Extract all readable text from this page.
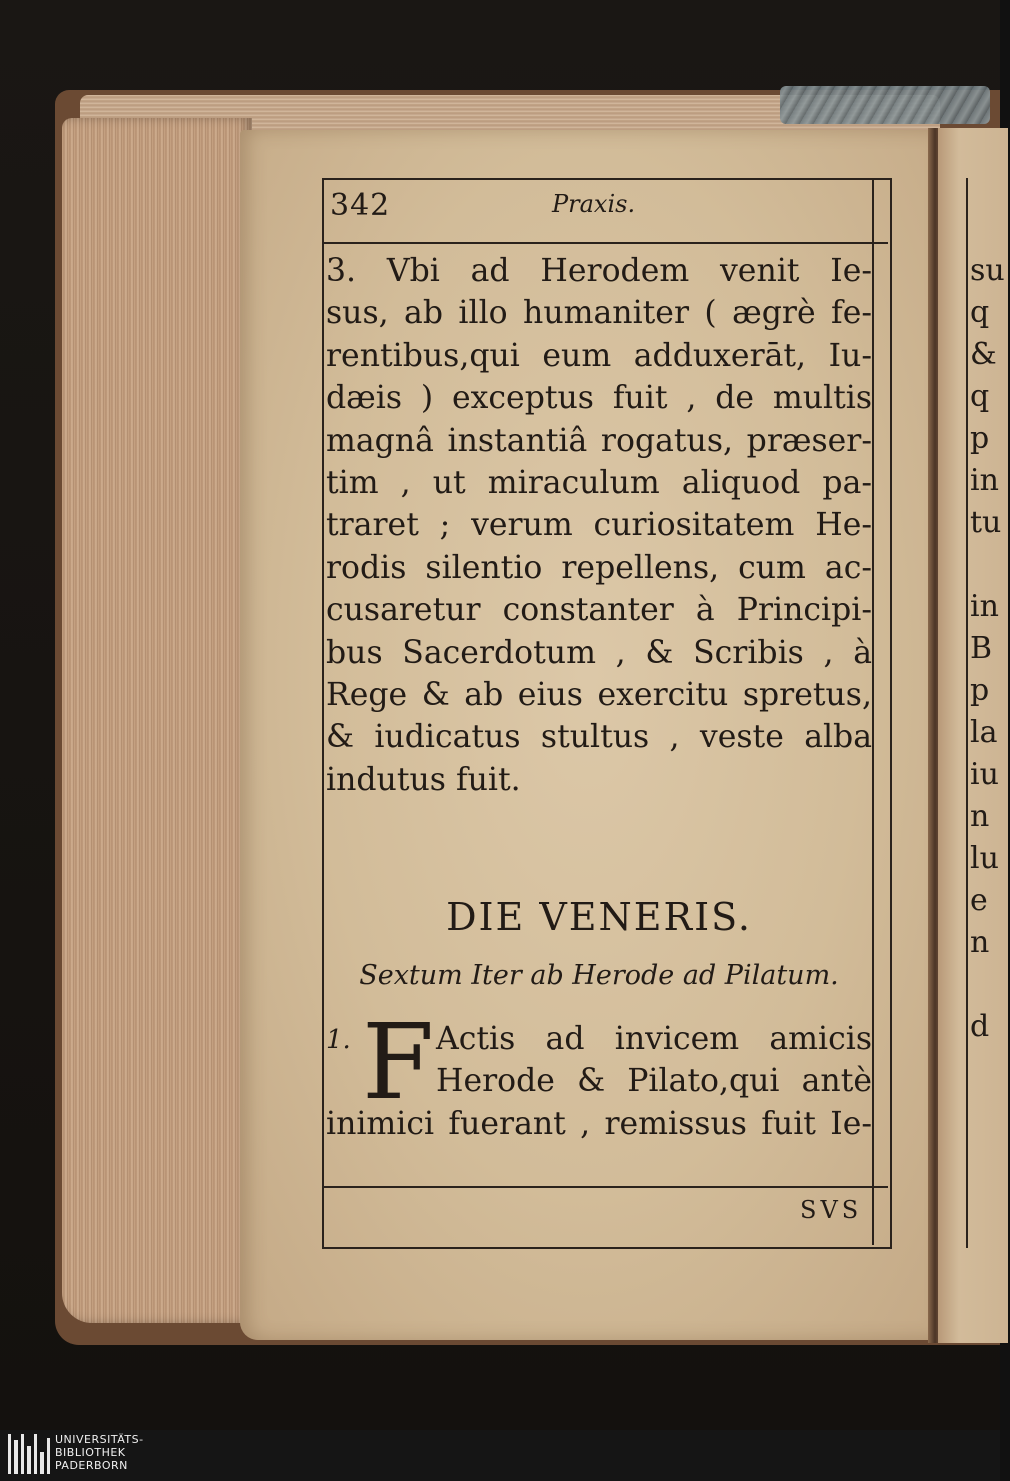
342	Praxis.
3. Vbi ad Herodem venit Ie-
sus, ab illo humaniter ( ægrè fe-
rentibus,qui eum adduxerāt, Iu-
dæis ) exceptus fuit , de multis
magnâ instantiâ rogatus, præser-
tim , ut miraculum aliquod pa-
traret ; verum curiositatem He-
rodis silentio repellens, cum ac-
cusaretur constanter à Principi-
bus Sacerdotum , & Scribis , à
Rege & ab eius exercitu spretus,
& iudicatus stultus , veste alba
indutus fuit.
DIE VENERIS.
Sextum Iter ab Herode ad Pilatum.
1. F Actis ad invicem amicis
Herode & Pilato,qui antè
inimici fuerant , remissus fuit Ie-
SVS
su
q
&
q
p
in
tu
in
B
p
la
iu
n
lu
e
n
d
UNIVERSITÄTS-
BIBLIOTHEK
PADERBORN
